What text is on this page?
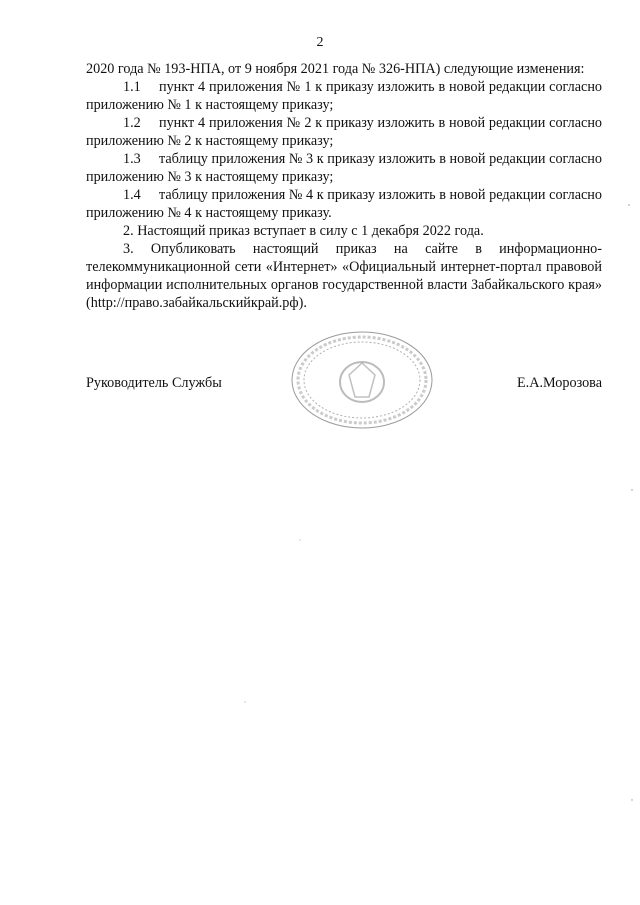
2

2020 года № 193-НПА, от 9 ноября 2021 года № 326-НПА) следующие изменения:

1.1 пункт 4 приложения № 1 к приказу изложить в новой редакции согласно приложению № 1 к настоящему приказу;

1.2 пункт 4 приложения № 2 к приказу изложить в новой редакции согласно приложению № 2 к настоящему приказу;

1.3 таблицу приложения № 3 к приказу изложить в новой редакции согласно приложению № 3 к настоящему приказу;

1.4 таблицу приложения № 4 к приказу изложить в новой редакции согласно приложению № 4 к настоящему приказу.

2. Настоящий приказ вступает в силу с 1 декабря 2022 года.

3. Опубликовать настоящий приказ на сайте в информационно-телекоммуникационной сети «Интернет» «Официальный интернет-портал правовой информации исполнительных органов государственной власти Забайкальского края» (http://право.забайкальскийкрай.рф).

Руководитель Службы	Е.А.Морозова
